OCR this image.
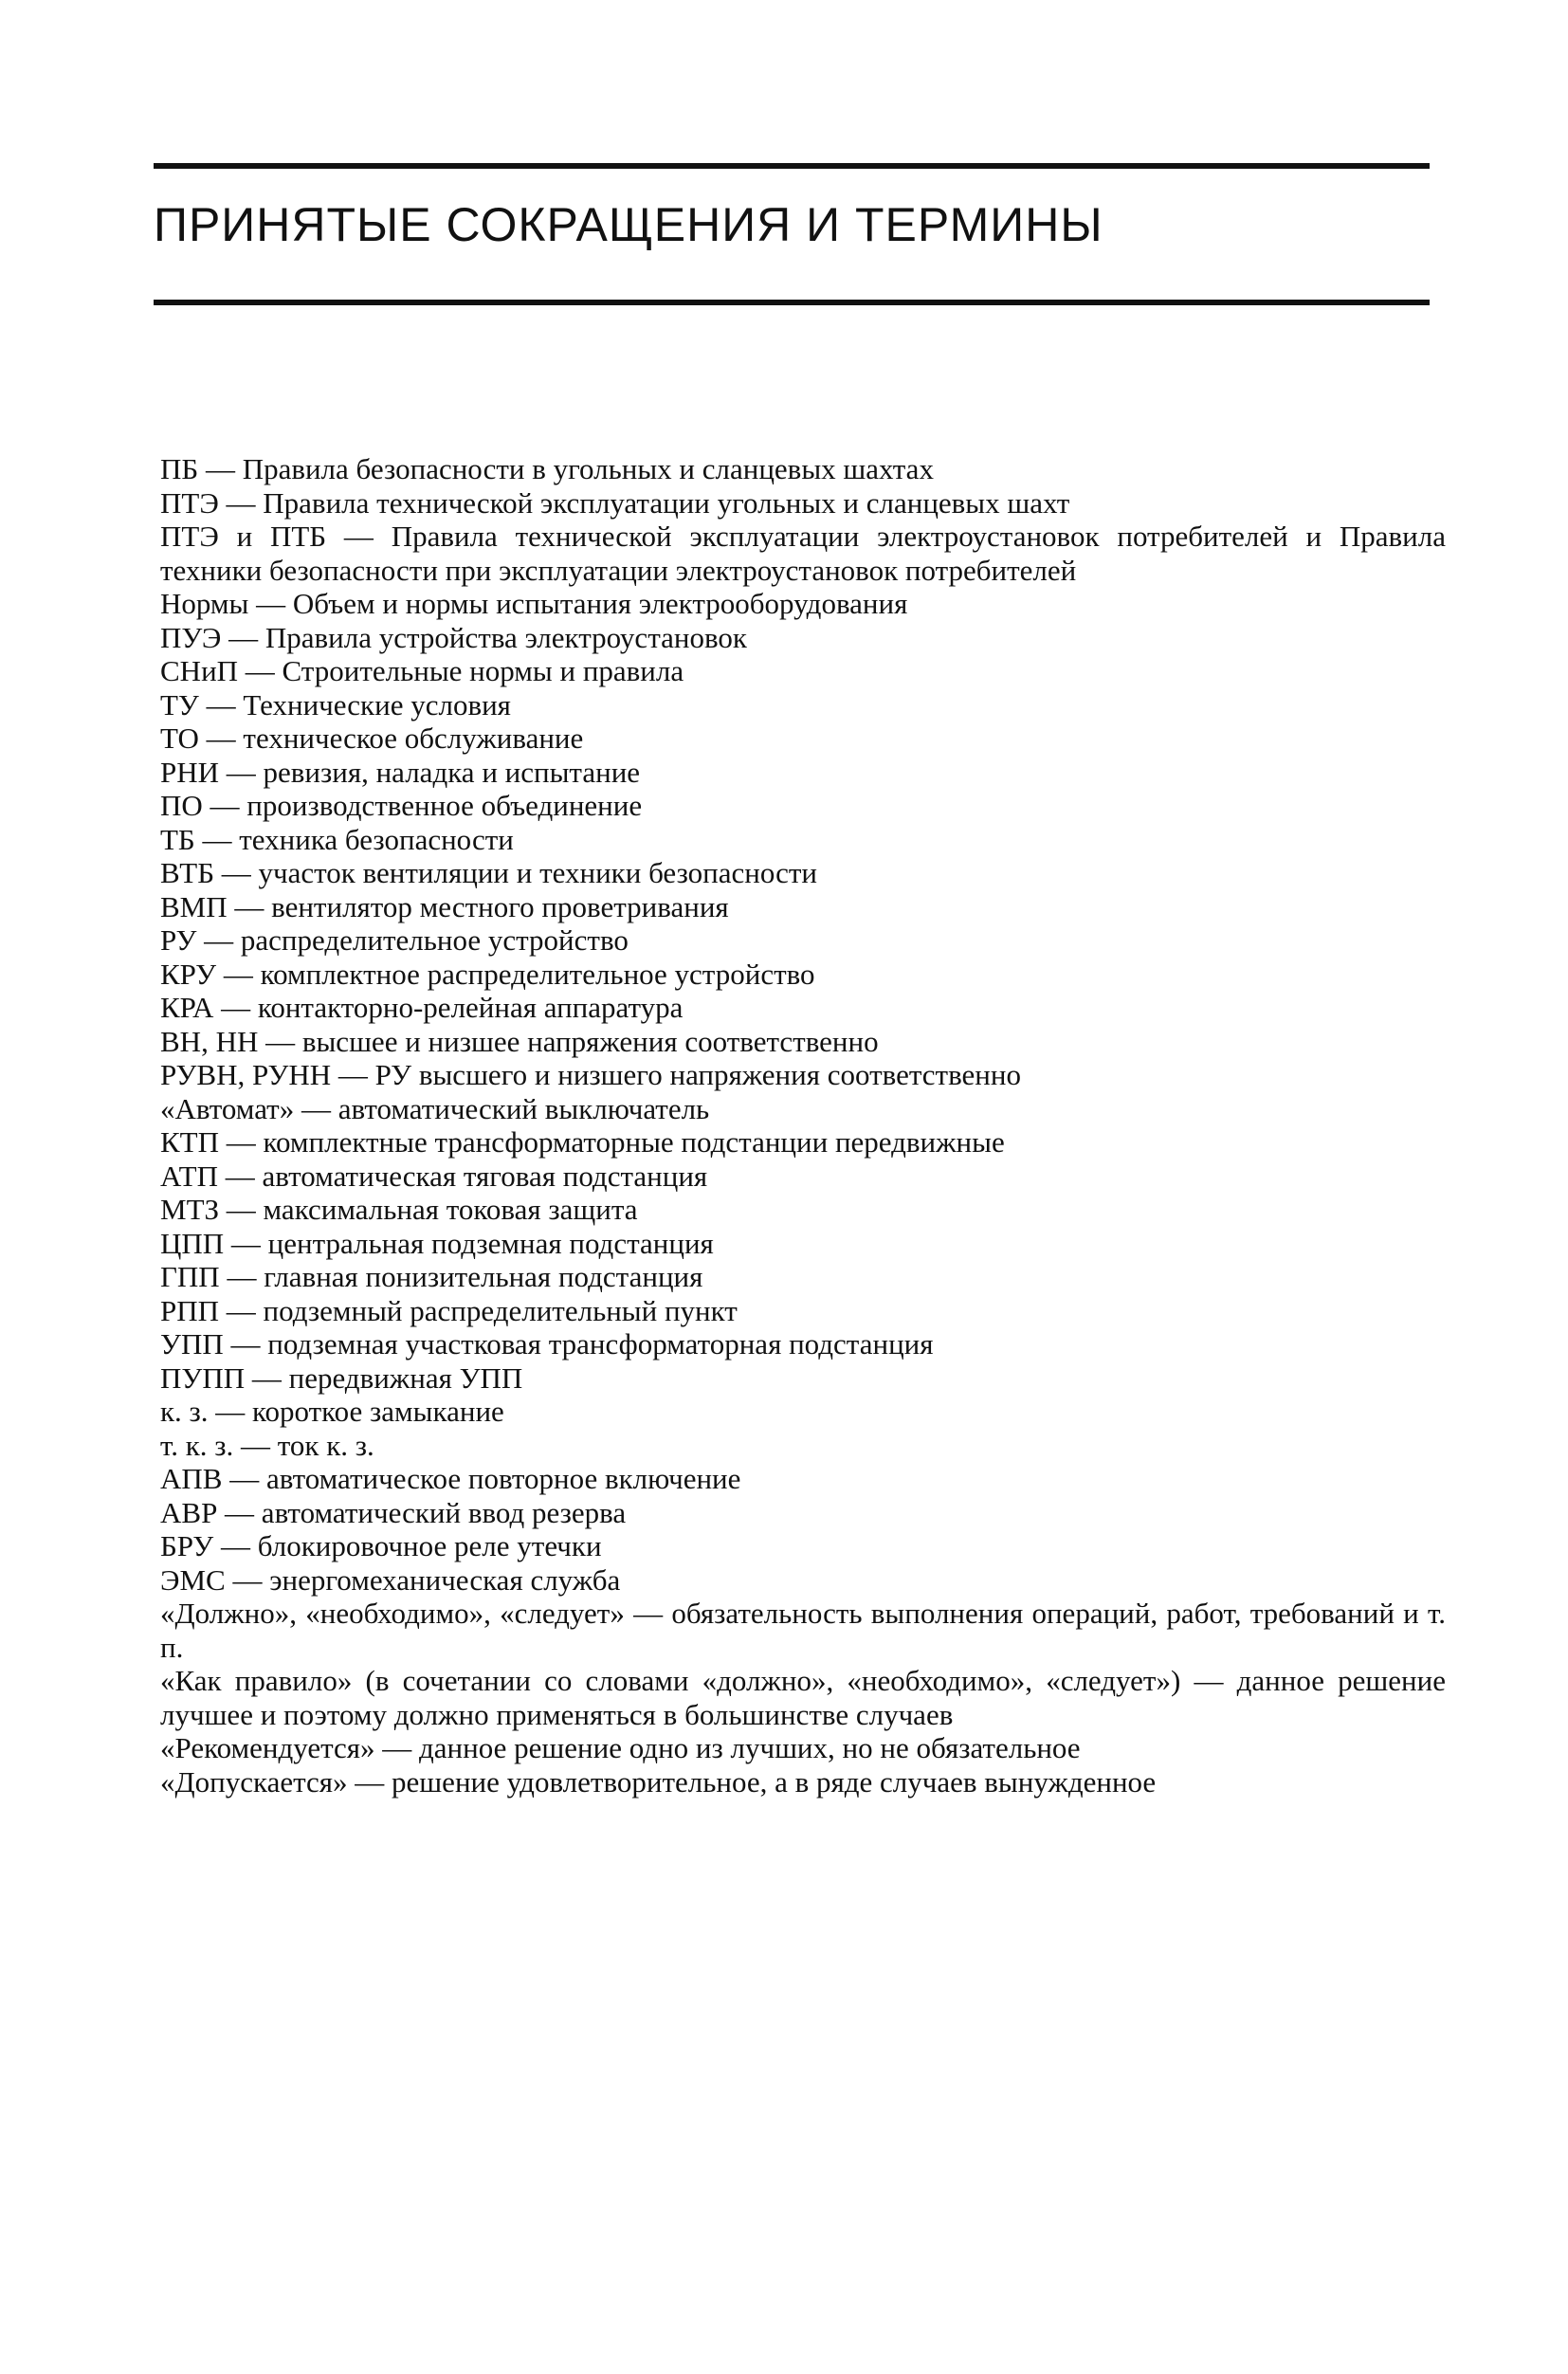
ПРИНЯТЫЕ СОКРАЩЕНИЯ И ТЕРМИНЫ
ПБ — Правила безопасности в угольных и сланцевых шахтах
ПТЭ — Правила технической эксплуатации угольных и сланцевых шахт
ПТЭ и ПТБ — Правила технической эксплуатации электроустановок потребителей и Правила техники безопасности при эксплуатации электроустановок потребителей
Нормы — Объем и нормы испытания электрооборудования
ПУЭ — Правила устройства электроустановок
СНиП — Строительные нормы и правила
ТУ — Технические условия
ТО — техническое обслуживание
РНИ — ревизия, наладка и испытание
ПО — производственное объединение
ТБ — техника безопасности
ВТБ — участок вентиляции и техники безопасности
ВМП — вентилятор местного проветривания
РУ — распределительное устройство
КРУ — комплектное распределительное устройство
КРА — контакторно-релейная аппаратура
ВН, НН — высшее и низшее напряжения соответственно
РУВН, РУНН — РУ высшего и низшего напряжения соответственно
«Автомат» — автоматический выключатель
КТП — комплектные трансформаторные подстанции передвижные
АТП — автоматическая тяговая подстанция
МТЗ — максимальная токовая защита
ЦПП — центральная подземная подстанция
ГПП — главная понизительная подстанция
РПП — подземный распределительный пункт
УПП — подземная участковая трансформаторная подстанция
ПУПП — передвижная УПП
к. з. — короткое замыкание
т. к. з. — ток к. з.
АПВ — автоматическое повторное включение
АВР — автоматический ввод резерва
БРУ — блокировочное реле утечки
ЭМС — энергомеханическая служба
«Должно», «необходимо», «следует» — обязательность выполнения операций, работ, требований и т. п.
«Как правило» (в сочетании со словами «должно», «необходимо», «следует») — данное решение лучшее и поэтому должно применяться в большинстве случаев
«Рекомендуется» — данное решение одно из лучших, но не обязательное
«Допускается» — решение удовлетворительное, а в ряде случаев вынужденное
